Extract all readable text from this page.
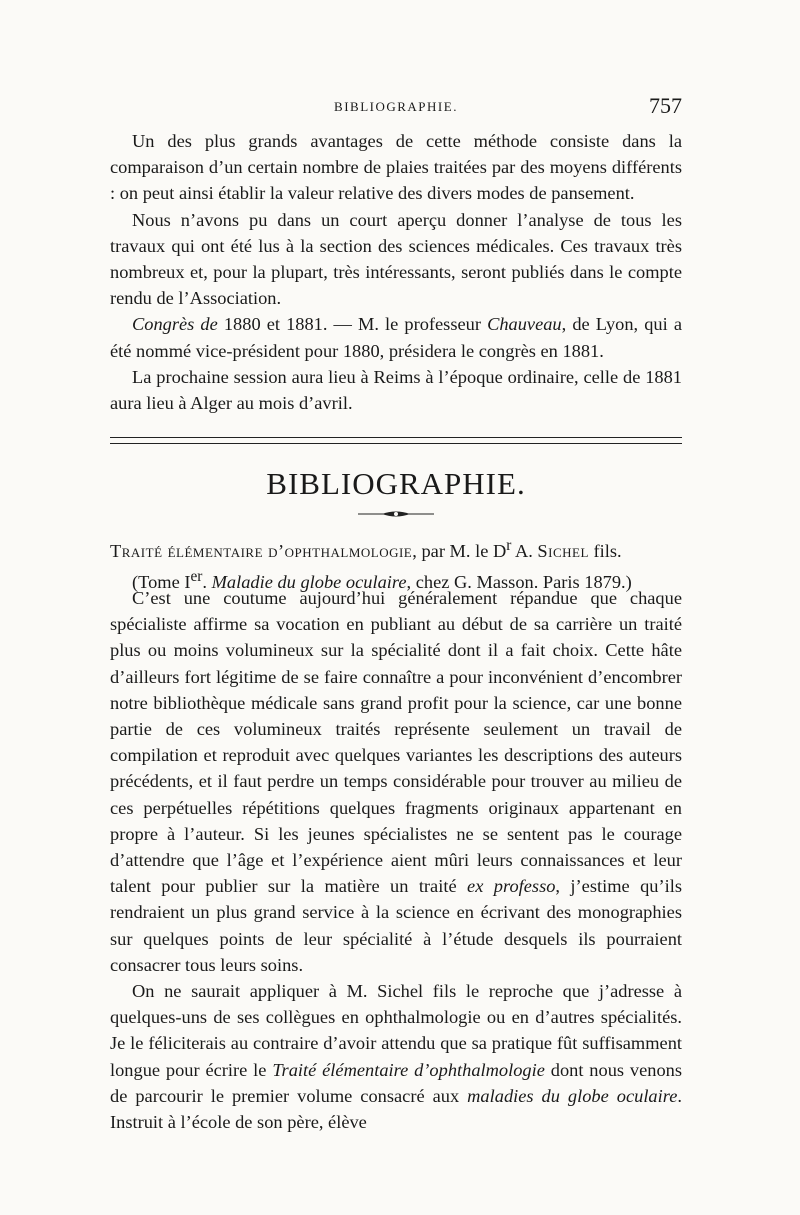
BIBLIOGRAPHIE.	757

Un des plus grands avantages de cette méthode consiste dans la comparaison d’un certain nombre de plaies traitées par des moyens différents : on peut ainsi établir la valeur relative des divers modes de pansement.

Nous n’avons pu dans un court aperçu donner l’analyse de tous les travaux qui ont été lus à la section des sciences médicales. Ces travaux très nombreux et, pour la plupart, très intéressants, seront publiés dans le compte rendu de l’Association.

Congrès de 1880 et 1881. — M. le professeur Chauveau, de Lyon, qui a été nommé vice-président pour 1880, présidera le congrès en 1881.

La prochaine session aura lieu à Reims à l’époque ordinaire, celle de 1881 aura lieu à Alger au mois d’avril.

BIBLIOGRAPHIE.
Traité élémentaire d’ophthalmologie, par M. le $D^r$ A. Sichel fils.
(Tome Ier. Maladie du globe oculaire, chez G. Masson. Paris 1879.)

C’est une coutume aujourd’hui généralement répandue que chaque spécialiste affirme sa vocation en publiant au début de sa carrière un traité plus ou moins volumineux sur la spécialité dont il a fait choix. Cette hâte d’ailleurs fort légitime de se faire connaître a pour inconvénient d’encombrer notre bibliothèque médicale sans grand profit pour la science, car une bonne partie de ces volumineux traités représente seulement un travail de compilation et reproduit avec quelques variantes les descriptions des auteurs précédents, et il faut perdre un temps considérable pour trouver au milieu de ces perpétuelles répétitions quelques fragments originaux appartenant en propre à l’auteur. Si les jeunes spécialistes ne se sentent pas le courage d’attendre que l’âge et l’expérience aient mûri leurs connaissances et leur talent pour publier sur la matière un traité ex professo, j’estime qu’ils rendraient un plus grand service à la science en écrivant des monographies sur quelques points de leur spécialité à l’étude desquels ils pourraient consacrer tous leurs soins.

On ne saurait appliquer à M. Sichel fils le reproche que j’adresse à quelques-uns de ses collègues en ophthalmologie ou en d’autres spécialités. Je le féliciterais au contraire d’avoir attendu que sa pratique fût suffisamment longue pour écrire le Traité élémentaire d’ophthalmologie dont nous venons de parcourir le premier volume consacré aux maladies du globe oculaire. Instruit à l’école de son père, élève
